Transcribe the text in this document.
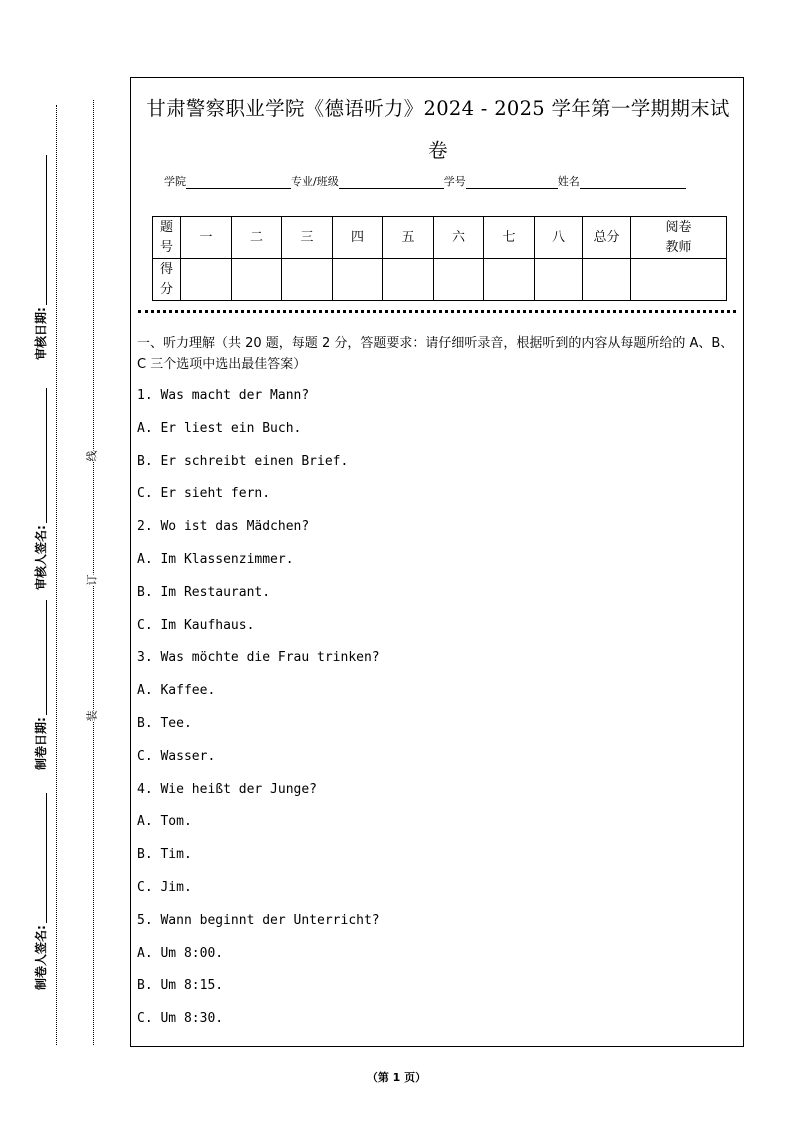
审核日期:
审核人签名:
制卷日期:
制卷人签名:
线
订
装
甘肃警察职业学院《德语听力》2024 - 2025 学年第一学期期末试
卷
学院	专业/班级	学号	姓名
题号	一	二	三	四	五	六	七	八	总分	阅卷教师
得分										
一、听力理解（共 20 题，每题 2 分，答题要求：请仔细听录音，根据听到的内容从每题所给的 A、B、C 三个选项中选出最佳答案）
1. Was macht der Mann?
A. Er liest ein Buch.
B. Er schreibt einen Brief.
C. Er sieht fern.
2. Wo ist das Mädchen?
A. Im Klassenzimmer.
B. Im Restaurant.
C. Im Kaufhaus.
3. Was möchte die Frau trinken?
A. Kaffee.
B. Tee.
C. Wasser.
4. Wie heißt der Junge?
A. Tom.
B. Tim.
C. Jim.
5. Wann beginnt der Unterricht?
A. Um 8:00.
B. Um 8:15.
C. Um 8:30.
（第 1 页）
